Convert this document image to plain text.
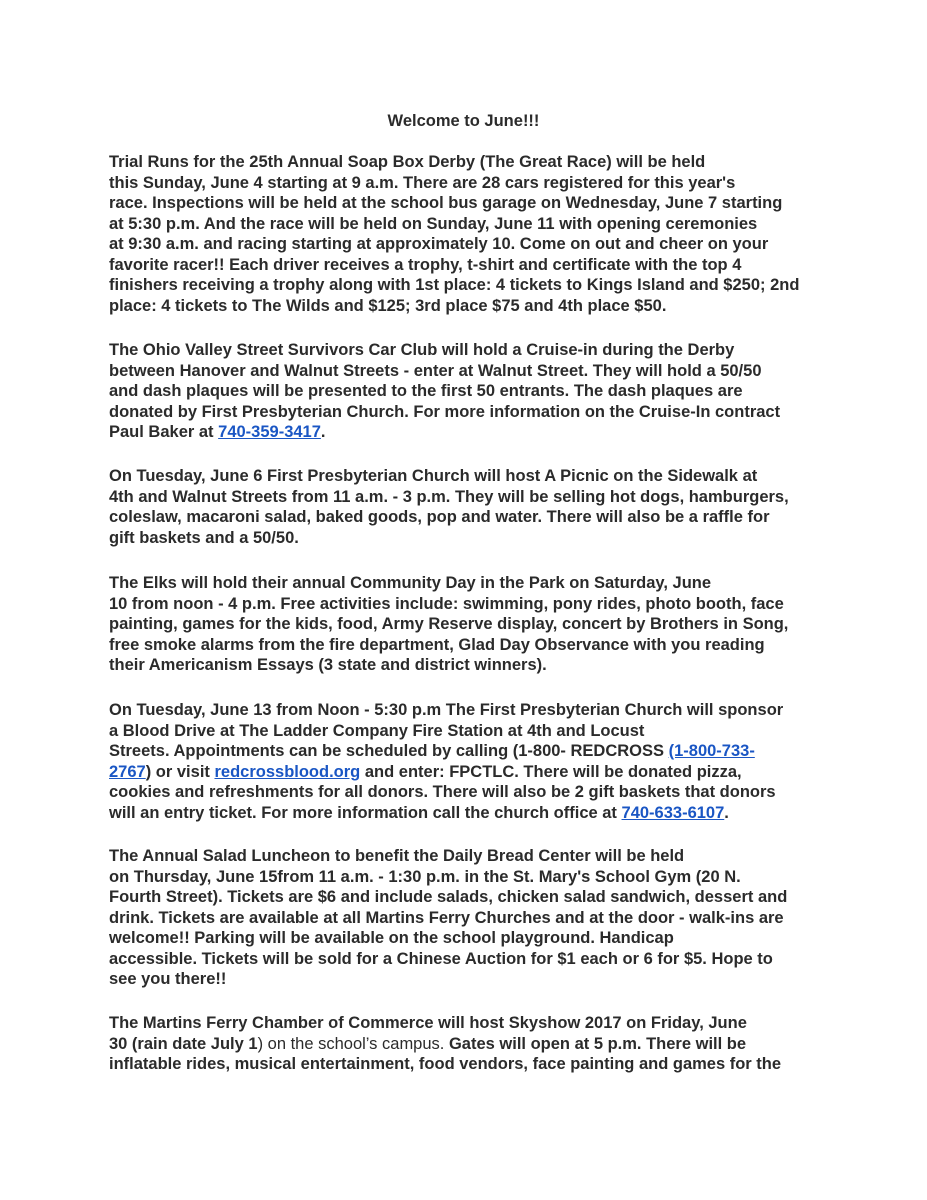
Welcome to June!!!
Trial Runs for the 25th Annual Soap Box Derby (The Great Race) will be held
this Sunday, June 4 starting at 9 a.m. There are 28 cars registered for this year's
race. Inspections will be held at the school bus garage on Wednesday, June 7 starting
at 5:30 p.m. And the race will be held on Sunday, June 11 with opening ceremonies
at 9:30 a.m. and racing starting at approximately 10. Come on out and cheer on your
favorite racer!! Each driver receives a trophy, t-shirt and certificate with the top 4
finishers receiving a trophy along with 1st place: 4 tickets to Kings Island and $250; 2nd
place: 4 tickets to The Wilds and $125; 3rd place $75 and 4th place $50.
The Ohio Valley Street Survivors Car Club will hold a Cruise-in during the Derby
between Hanover and Walnut Streets - enter at Walnut Street. They will hold a 50/50
and dash plaques will be presented to the first 50 entrants. The dash plaques are
donated by First Presbyterian Church. For more information on the Cruise-In contract
Paul Baker at 740-359-3417.
On Tuesday, June 6 First Presbyterian Church will host A Picnic on the Sidewalk at
4th and Walnut Streets from 11 a.m. - 3 p.m. They will be selling hot dogs, hamburgers,
coleslaw, macaroni salad, baked goods, pop and water. There will also be a raffle for
gift baskets and a 50/50.
The Elks will hold their annual Community Day in the Park on Saturday, June
10 from noon - 4 p.m. Free activities include: swimming, pony rides, photo booth, face
painting, games for the kids, food, Army Reserve display, concert by Brothers in Song,
free smoke alarms from the fire department, Glad Day Observance with you reading
their Americanism Essays (3 state and district winners).
On Tuesday, June 13 from Noon - 5:30 p.m The First Presbyterian Church will sponsor
a Blood Drive at The Ladder Company Fire Station at 4th and Locust
Streets. Appointments can be scheduled by calling (1-800- REDCROSS (1-800-733-
2767) or visit redcrossblood.org and enter: FPCTLC. There will be donated pizza,
cookies and refreshments for all donors. There will also be 2 gift baskets that donors
will an entry ticket. For more information call the church office at 740-633-6107.
The Annual Salad Luncheon to benefit the Daily Bread Center will be held
on Thursday, June 15from 11 a.m. - 1:30 p.m. in the St. Mary's School Gym (20 N.
Fourth Street). Tickets are $6 and include salads, chicken salad sandwich, dessert and
drink. Tickets are available at all Martins Ferry Churches and at the door - walk-ins are
welcome!! Parking will be available on the school playground. Handicap
accessible. Tickets will be sold for a Chinese Auction for $1 each or 6 for $5. Hope to
see you there!!
The Martins Ferry Chamber of Commerce will host Skyshow 2017 on Friday, June
30 (rain date July 1) on the school’s campus. Gates will open at 5 p.m. There will be
inflatable rides, musical entertainment, food vendors, face painting and games for the
